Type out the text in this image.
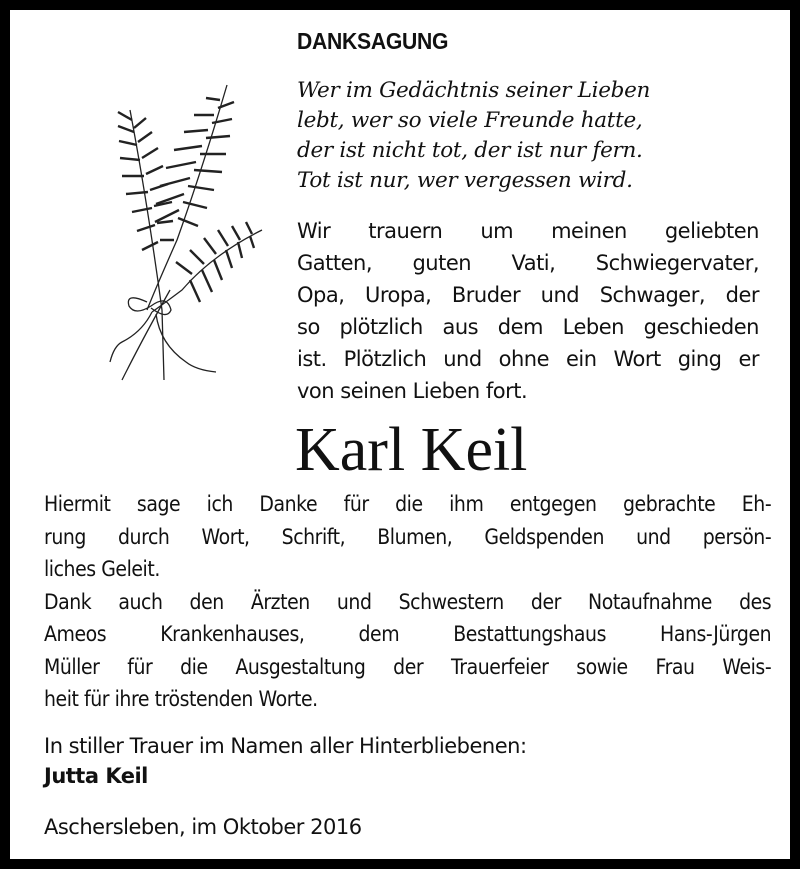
DANKSAGUNG
Wer im Gedächtnis seiner Lieben
lebt, wer so viele Freunde hatte,
der ist nicht tot, der ist nur fern.
Tot ist nur, wer vergessen wird.
Wir trauern um meinen geliebten
Gatten, guten Vati, Schwiegervater,
Opa, Uropa, Bruder und Schwager, der
so plötzlich aus dem Leben geschieden
ist. Plötzlich und ohne ein Wort ging er
von seinen Lieben fort.
Karl Keil
Hiermit sage ich Danke für die ihm entgegen gebrachte Eh-
rung durch Wort, Schrift, Blumen, Geldspenden und persön-
liches Geleit.
Dank auch den Ärzten und Schwestern der Notaufnahme des
Ameos Krankenhauses, dem Bestattungshaus Hans-Jürgen
Müller für die Ausgestaltung der Trauerfeier sowie Frau Weis-
heit für ihre tröstenden Worte.
In stiller Trauer im Namen aller Hinterbliebenen:
Jutta Keil
Aschersleben, im Oktober 2016
